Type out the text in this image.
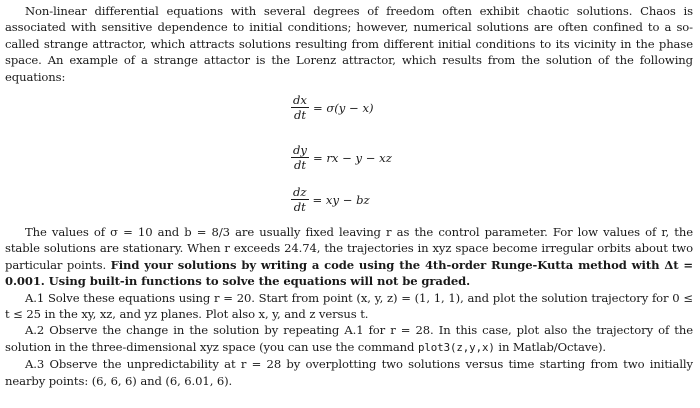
Non-linear differential equations with several degrees of freedom often exhibit chaotic solutions. Chaos is associated with sensitive dependence to initial conditions; however, numerical solutions are often confined to a so-called strange attractor, which attracts solutions resulting from different initial conditions to its vicinity in the phase space. An example of a strange attactor is the Lorenz attractor, which results from the solution of the following equations:

$\frac{dx}{dt} = \sigma(y - x)$
$\frac{dy}{dt}$ = rx − y − xz
$\frac{dz}{dt}$ = xy − bz

The values of σ = 10 and b = 8/3 are usually fixed leaving r as the control parameter. For low values of r, the stable solutions are stationary. When r exceeds 24.74, the trajectories in xyz space become irregular orbits about two particular points. Find your solutions by writing a code using the 4th-order Runge-Kutta method with Δt = 0.001. Using built-in functions to solve the equations will not be graded.

A.1 Solve these equations using r = 20. Start from point (x, y, z) = (1, 1, 1), and plot the solution trajectory for 0 ≤ t ≤ 25 in the xy, xz, and yz planes. Plot also x, y, and z versus t.

A.2 Observe the change in the solution by repeating A.1 for r = 28. In this case, plot also the trajectory of the solution in the three-dimensional xyz space (you can use the command plot3(z,y,x) in Matlab/Octave).

A.3 Observe the unpredictability at r = 28 by overplotting two solutions versus time starting from two initially nearby points: (6, 6, 6) and (6, 6.01, 6).
